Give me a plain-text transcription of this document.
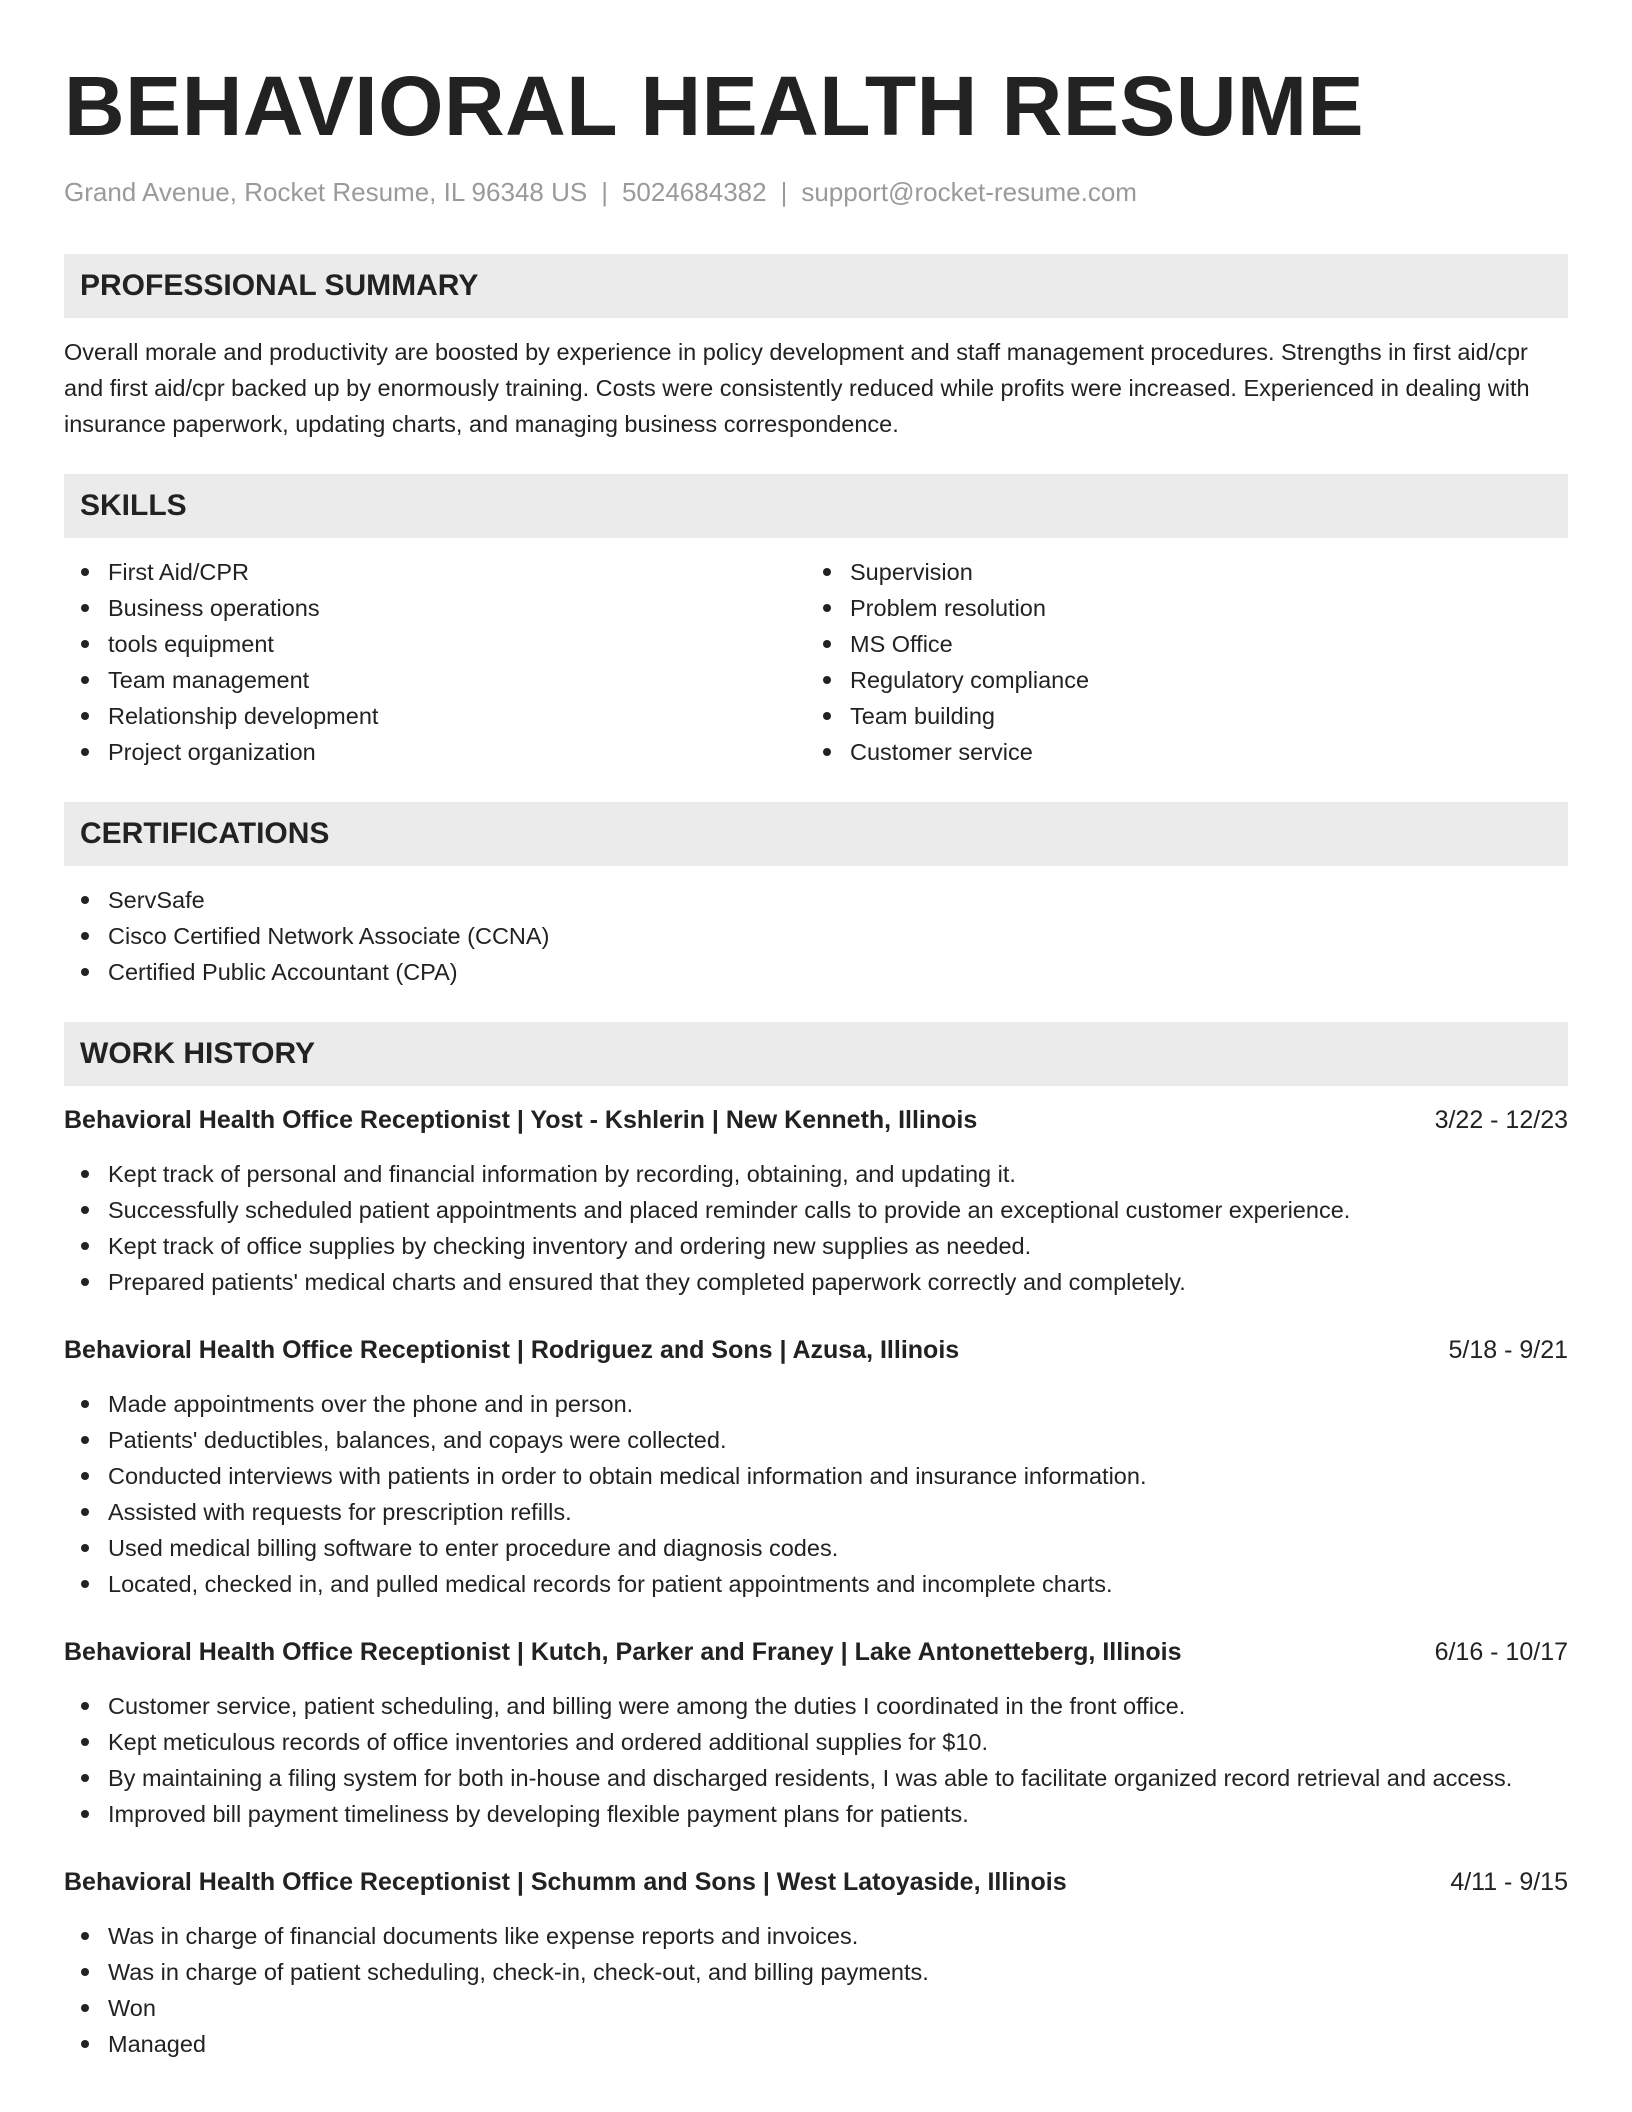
BEHAVIORAL HEALTH RESUME
Grand Avenue, Rocket Resume, IL 96348 US | 5024684382 | support@rocket-resume.com
PROFESSIONAL SUMMARY
Overall morale and productivity are boosted by experience in policy development and staff management procedures. Strengths in first aid/cpr and first aid/cpr backed up by enormously training. Costs were consistently reduced while profits were increased. Experienced in dealing with insurance paperwork, updating charts, and managing business correspondence.
SKILLS
First Aid/CPR
Business operations
tools equipment
Team management
Relationship development
Project organization
Supervision
Problem resolution
MS Office
Regulatory compliance
Team building
Customer service
CERTIFICATIONS
ServSafe
Cisco Certified Network Associate (CCNA)
Certified Public Accountant (CPA)
WORK HISTORY
Behavioral Health Office Receptionist | Yost - Kshlerin | New Kenneth, Illinois	3/22 - 12/23
Kept track of personal and financial information by recording, obtaining, and updating it.
Successfully scheduled patient appointments and placed reminder calls to provide an exceptional customer experience.
Kept track of office supplies by checking inventory and ordering new supplies as needed.
Prepared patients' medical charts and ensured that they completed paperwork correctly and completely.
Behavioral Health Office Receptionist | Rodriguez and Sons | Azusa, Illinois	5/18 - 9/21
Made appointments over the phone and in person.
Patients' deductibles, balances, and copays were collected.
Conducted interviews with patients in order to obtain medical information and insurance information.
Assisted with requests for prescription refills.
Used medical billing software to enter procedure and diagnosis codes.
Located, checked in, and pulled medical records for patient appointments and incomplete charts.
Behavioral Health Office Receptionist | Kutch, Parker and Franey | Lake Antonetteberg, Illinois	6/16 - 10/17
Customer service, patient scheduling, and billing were among the duties I coordinated in the front office.
Kept meticulous records of office inventories and ordered additional supplies for $10.
By maintaining a filing system for both in-house and discharged residents, I was able to facilitate organized record retrieval and access.
Improved bill payment timeliness by developing flexible payment plans for patients.
Behavioral Health Office Receptionist | Schumm and Sons | West Latoyaside, Illinois	4/11 - 9/15
Was in charge of financial documents like expense reports and invoices.
Was in charge of patient scheduling, check-in, check-out, and billing payments.
Won
Managed
